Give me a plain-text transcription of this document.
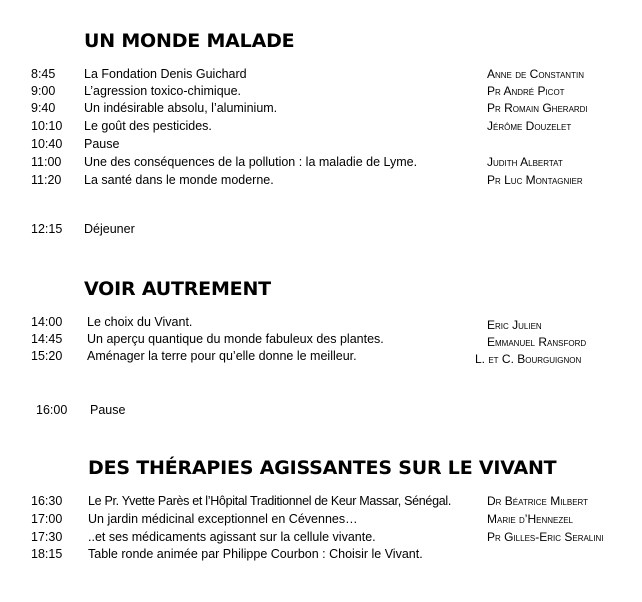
UN MONDE MALADE
8:45 La Fondation Denis Guichard	Anne de Constantin
9:00 L’agression toxico-chimique.	Pr André Picot
9:40 Un indésirable absolu, l’aluminium.	Pr Romain Gherardi
10:10 Le goût des pesticides.	Jérôme Douzelet
10:40 Pause
11:00 Une des conséquences de la pollution : la maladie de Lyme.	Judith Albertat
11:20 La santé dans le monde moderne.	Pr Luc Montagnier
12:15 Déjeuner
VOIR AUTREMENT
14:00 Le choix du Vivant.	Eric Julien
14:45 Un aperçu quantique du monde fabuleux des plantes.	Emmanuel Ransford
15:20 Aménager la terre pour qu’elle donne le meilleur.	L. et C. Bourguignon
16:00 Pause
DES THÉRAPIES AGISSANTES SUR LE VIVANT
16:30 Le Pr. Yvette Parès et l’Hôpital Traditionnel de Keur Massar, Sénégal.	Dr Béatrice Milbert
17:00 Un jardin médicinal exceptionnel en Cévennes…	Marie d’Hennezel
17:30 ..et ses médicaments agissant sur la cellule vivante.	Pr Gilles-Eric Seralini
18:15 Table ronde animée par Philippe Courbon : Choisir le Vivant.
